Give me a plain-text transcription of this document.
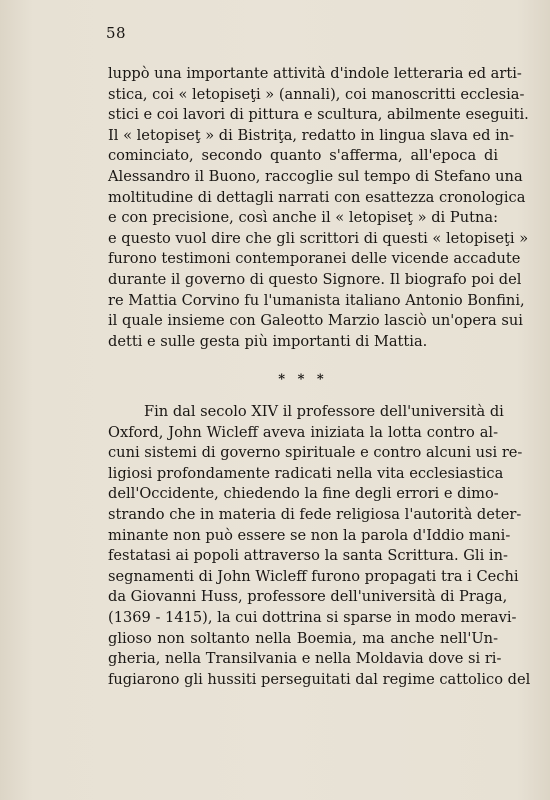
58
luppò una importante attività d'indole letteraria ed arti-
stica, coi « letopiseţi » (annali), coi manoscritti ecclesia-
stici e coi lavori di pittura e scultura, abilmente eseguiti.
Il « letopiseţ » di Bistriţa, redatto in lingua slava ed in-
cominciato, secondo quanto s'afferma, all'epoca di
Alessandro il Buono, raccoglie sul tempo di Stefano una
moltitudine di dettagli narrati con esattezza cronologica
e con precisione, così anche il « letopiseţ » di Putna:
e questo vuol dire che gli scrittori di questi « letopiseţi »
furono testimoni contemporanei delle vicende accadute
durante il governo di questo Signore. Il biografo poi del
re Mattia Corvino fu l'umanista italiano Antonio Bonfini,
il quale insieme con Galeotto Marzio lasciò un'opera sui
detti e sulle gesta più importanti di Mattia.
* * *
Fin dal secolo XIV il professore dell'università di
Oxford, John Wicleff aveva iniziata la lotta contro al-
cuni sistemi di governo spirituale e contro alcuni usi re-
ligiosi profondamente radicati nella vita ecclesiastica
dell'Occidente, chiedendo la fine degli errori e dimo-
strando che in materia di fede religiosa l'autorità deter-
minante non può essere se non la parola d'Iddio mani-
festatasi ai popoli attraverso la santa Scrittura. Gli in-
segnamenti di John Wicleff furono propagati tra i Cechi
da Giovanni Huss, professore dell'università di Praga,
(1369 - 1415), la cui dottrina si sparse in modo meravi-
glioso non soltanto nella Boemia, ma anche nell'Un-
gheria, nella Transilvania e nella Moldavia dove si ri-
fugiarono gli hussiti perseguitati dal regime cattolico del
